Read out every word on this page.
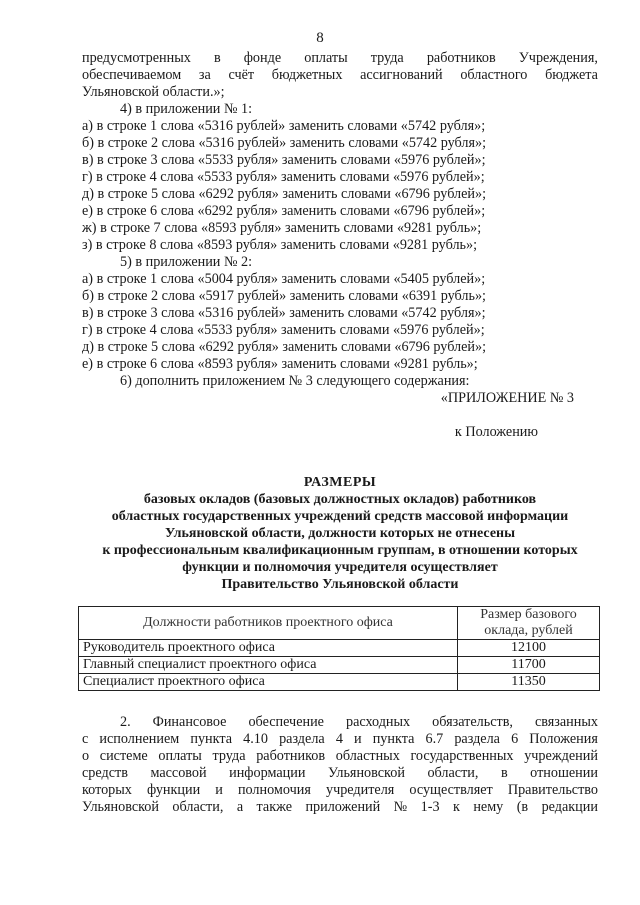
8
предусмотренных в фонде оплаты труда работников Учреждения,
обеспечиваемом за счёт бюджетных ассигнований областного бюджета
Ульяновской области.»;
4) в приложении № 1:
а) в строке 1 слова «5316 рублей» заменить словами «5742 рубля»;
б) в строке 2 слова «5316 рублей» заменить словами «5742 рубля»;
в) в строке 3 слова «5533 рубля» заменить словами «5976 рублей»;
г) в строке 4 слова «5533 рубля» заменить словами «5976 рублей»;
д) в строке 5 слова «6292 рубля» заменить словами «6796 рублей»;
е) в строке 6 слова «6292 рубля» заменить словами «6796 рублей»;
ж) в строке 7 слова «8593 рубля» заменить словами «9281 рубль»;
з) в строке 8 слова «8593 рубля» заменить словами «9281 рубль»;
5) в приложении № 2:
а) в строке 1 слова «5004 рубля» заменить словами «5405 рублей»;
б) в строке 2 слова «5917 рублей» заменить словами «6391 рубль»;
в) в строке 3 слова «5316 рублей» заменить словами «5742 рубля»;
г) в строке 4 слова «5533 рубля» заменить словами «5976 рублей»;
д) в строке 5 слова «6292 рубля» заменить словами «6796 рублей»;
е) в строке 6 слова «8593 рубля» заменить словами «9281 рубль»;
6) дополнить приложением № 3 следующего содержания:
«ПРИЛОЖЕНИЕ № 3
к Положению
РАЗМЕРЫ
базовых окладов (базовых должностных окладов) работников
областных государственных учреждений средств массовой информации
Ульяновской области, должности которых не отнесены
к профессиональным квалификационным группам, в отношении которых
функции и полномочия учредителя осуществляет
Правительство Ульяновской области
Должности работников проектного офиса	Размер базового
оклада, рублей

Руководитель проектного офиса	12100
Главный специалист проектного офиса	11700
Специалист проектного офиса	11350
2. Финансовое обеспечение расходных обязательств, связанных
с исполнением пункта 4.10 раздела 4 и пункта 6.7 раздела 6 Положения
о системе оплаты труда работников областных государственных учреждений
средств массовой информации Ульяновской области, в отношении
которых функции и полномочия учредителя осуществляет Правительство
Ульяновской области, а также приложений № 1-3 к нему (в редакции
